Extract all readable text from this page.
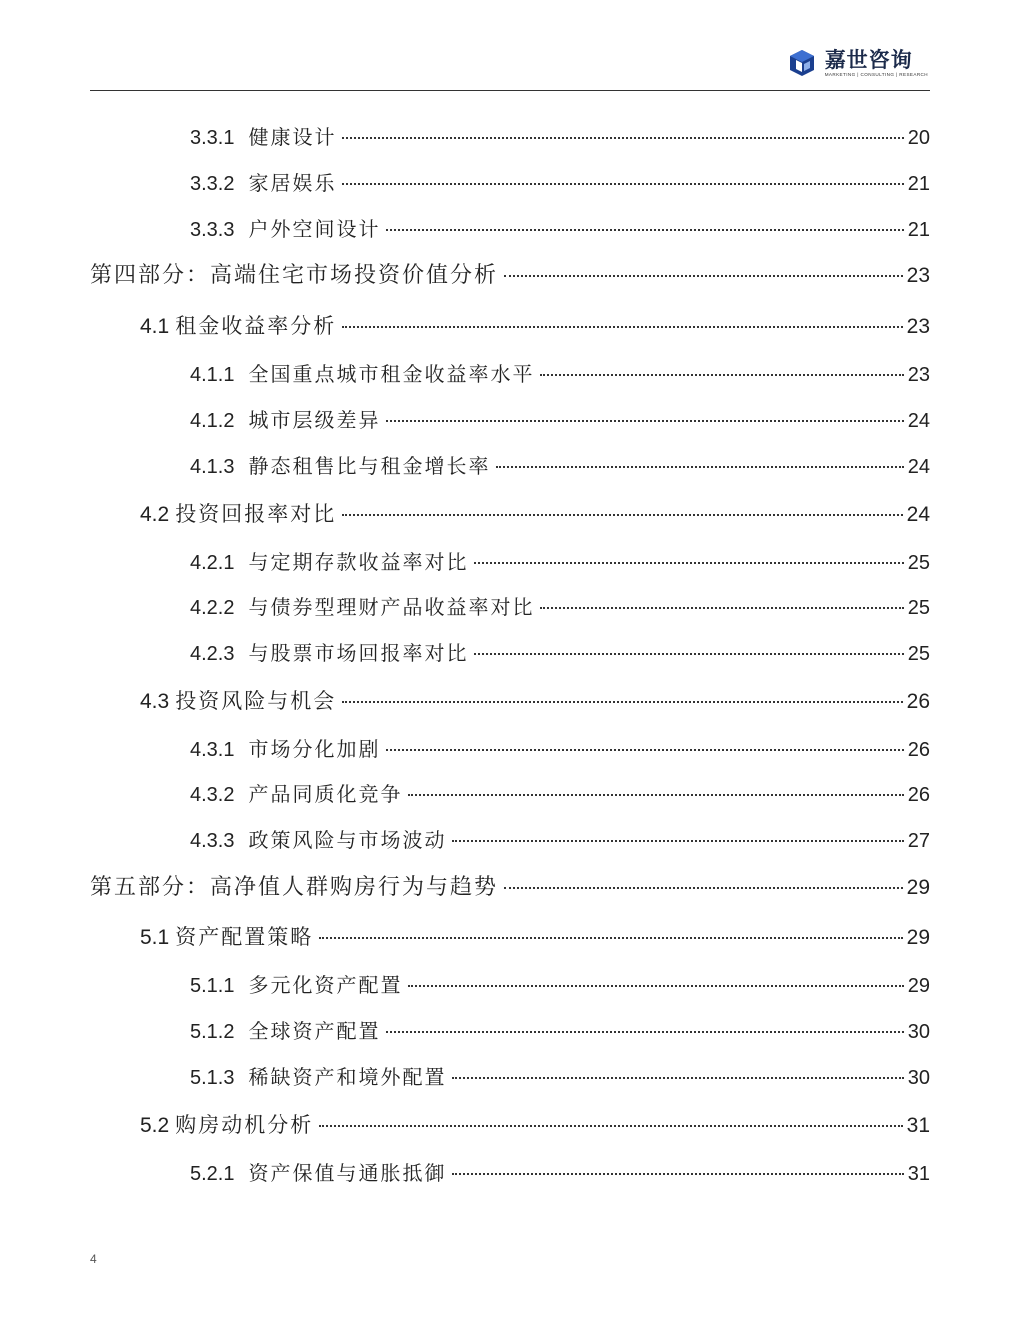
嘉世咨询
MARKETING | CONSULTING | RESEARCH
3.3.1 健康设计	20
3.3.2 家居娱乐	21
3.3.3 户外空间设计	21
第四部分：高端住宅市场投资价值分析	23
4.1 租金收益率分析	23
4.1.1 全国重点城市租金收益率水平	23
4.1.2 城市层级差异	24
4.1.3 静态租售比与租金增长率	24
4.2 投资回报率对比	24
4.2.1 与定期存款收益率对比	25
4.2.2 与债券型理财产品收益率对比	25
4.2.3 与股票市场回报率对比	25
4.3 投资风险与机会	26
4.3.1 市场分化加剧	26
4.3.2 产品同质化竞争	26
4.3.3 政策风险与市场波动	27
第五部分：高净值人群购房行为与趋势	29
5.1 资产配置策略	29
5.1.1 多元化资产配置	29
5.1.2 全球资产配置	30
5.1.3 稀缺资产和境外配置	30
5.2 购房动机分析	31
5.2.1 资产保值与通胀抵御	31
4
